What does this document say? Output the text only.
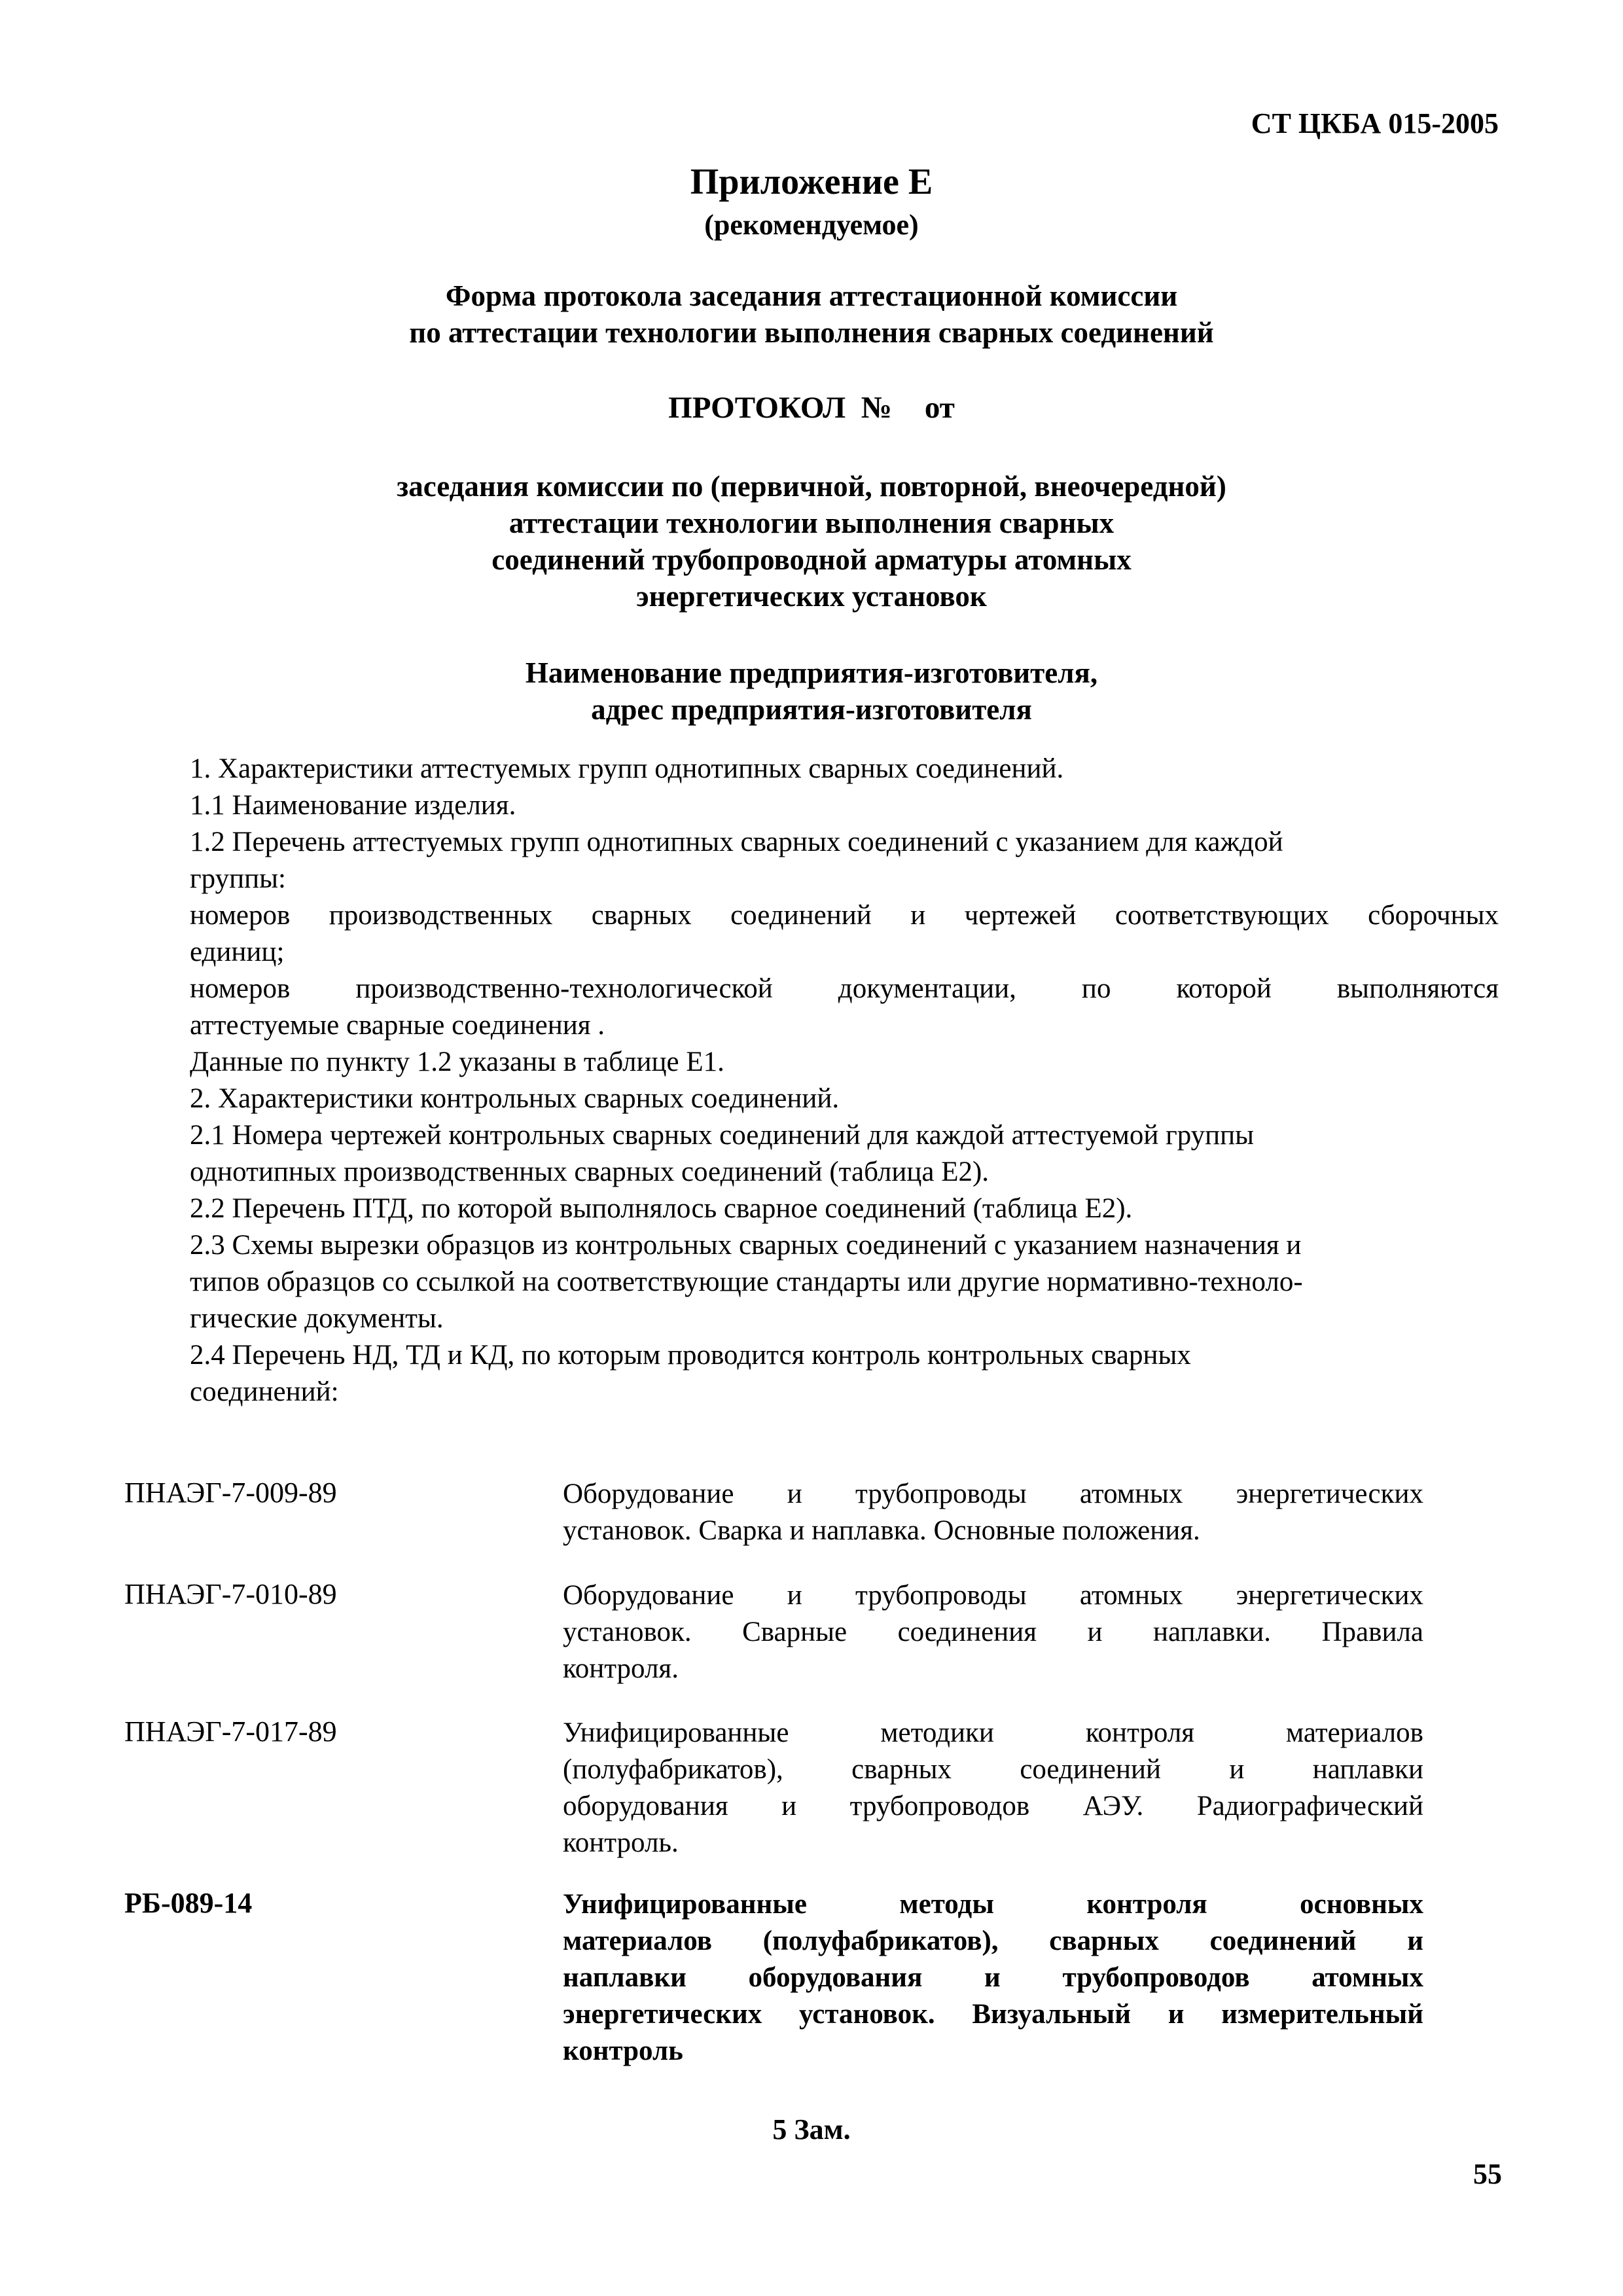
СТ ЦКБА 015-2005
Приложение Е
(рекомендуемое)
Форма протокола заседания аттестационной комиссии
по аттестации технологии выполнения сварных соединений
ПРОТОКОЛ № от
заседания комиссии по (первичной, повторной, внеочередной)
аттестации технологии выполнения сварных
соединений трубопроводной арматуры атомных
энергетических установок
Наименование предприятия-изготовителя,
адрес предприятия-изготовителя
1. Характеристики аттестуемых групп однотипных сварных соединений.
1.1 Наименование изделия.
1.2 Перечень аттестуемых групп однотипных сварных соединений с указанием для каждой
группы:
номеров производственных сварных соединений и чертежей соответствующих сборочных
единиц;
номеров производственно-технологической документации, по которой выполняются
аттестуемые сварные соединения .
Данные по пункту 1.2 указаны в таблице Е1.
2. Характеристики контрольных сварных соединений.
2.1 Номера чертежей контрольных сварных соединений для каждой аттестуемой группы
однотипных производственных сварных соединений (таблица Е2).
2.2 Перечень ПТД, по которой выполнялось сварное соединений (таблица Е2).
2.3 Схемы вырезки образцов из контрольных сварных соединений с указанием назначения и
типов образцов со ссылкой на соответствующие стандарты или другие нормативно-техноло-
гические документы.
2.4 Перечень НД, ТД и КД, по которым проводится контроль контрольных сварных
соединений:
ПНАЭГ-7-009-89	Оборудование и трубопроводы атомных энергетических
установок. Сварка и наплавка. Основные положения.
ПНАЭГ-7-010-89	Оборудование и трубопроводы атомных энергетических
установок. Сварные соединения и наплавки. Правила
контроля.
ПНАЭГ-7-017-89	Унифицированные методики контроля материалов
(полуфабрикатов), сварных соединений и наплавки
оборудования и трубопроводов АЭУ. Радиографический
контроль.
РБ-089-14	Унифицированные методы контроля основных
материалов (полуфабрикатов), сварных соединений и
наплавки оборудования и трубопроводов атомных
энергетических установок. Визуальный и измерительный
контроль
5 Зам.
55
